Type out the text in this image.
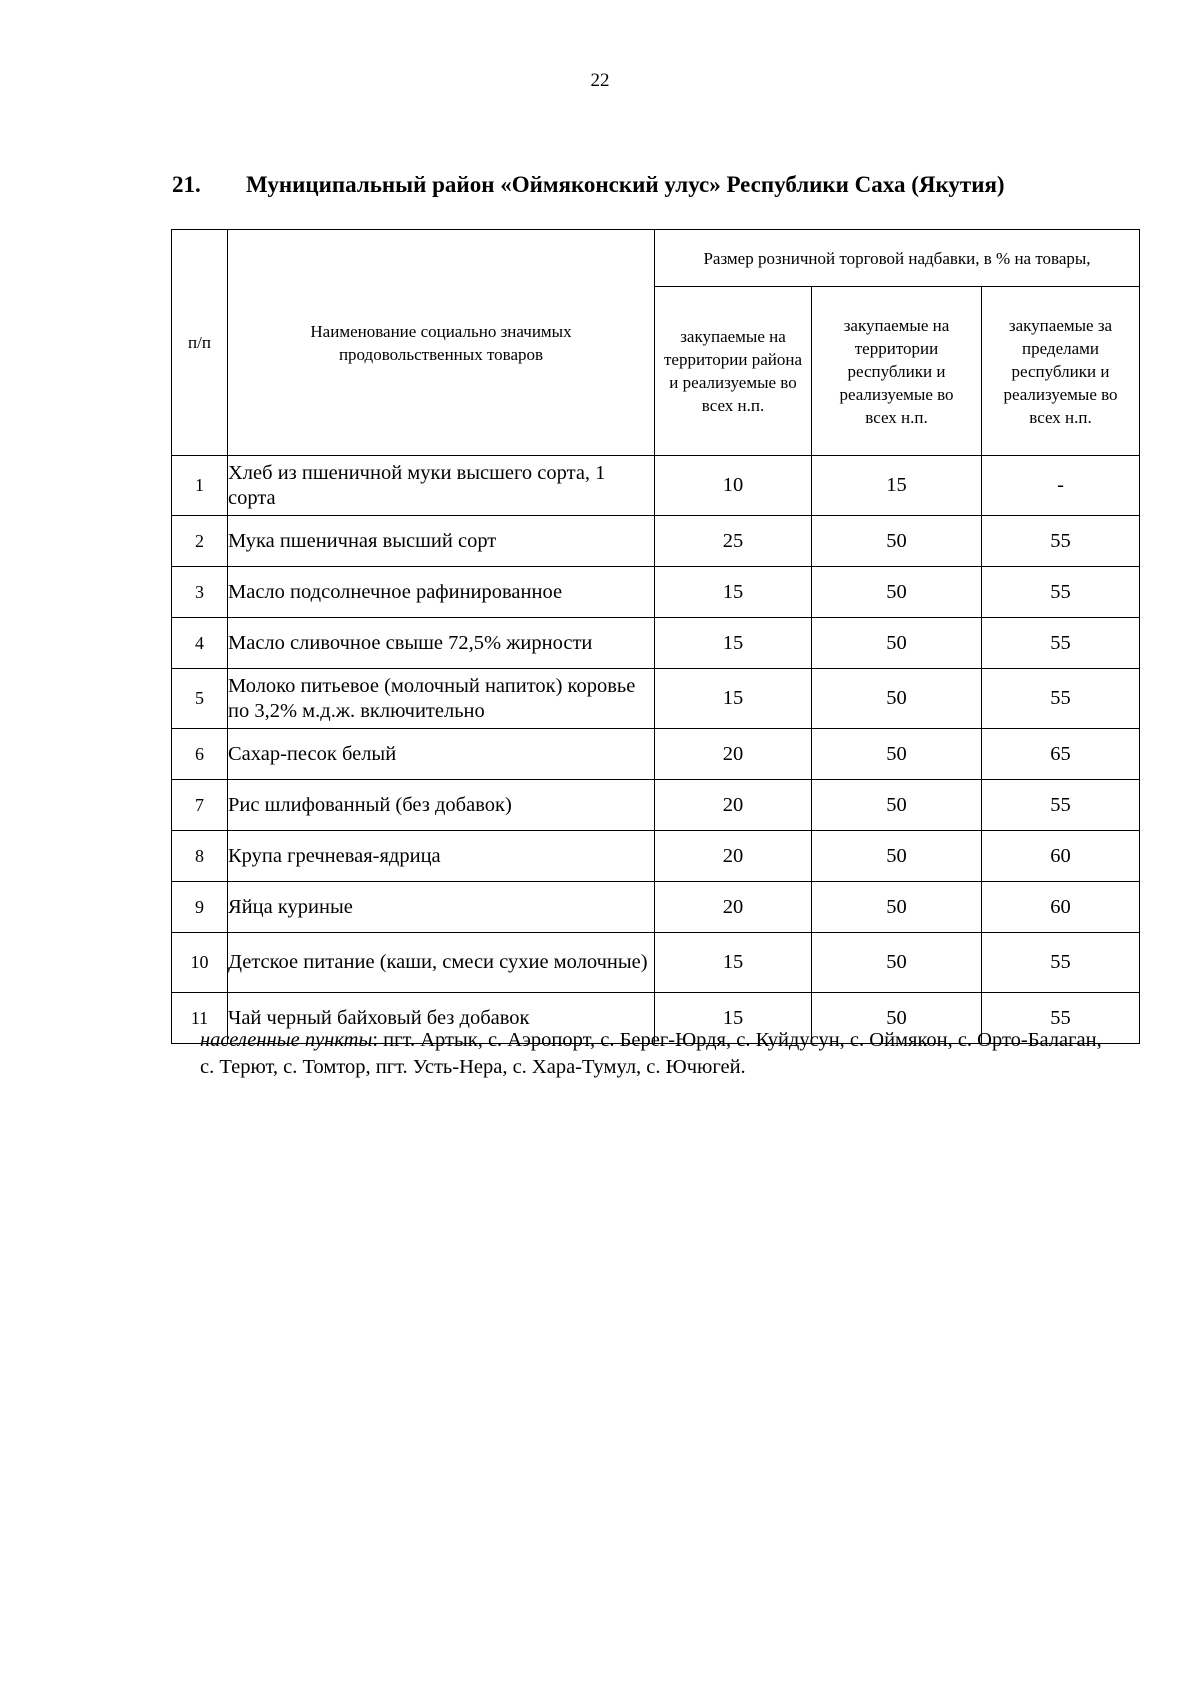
22
21. Муниципальный район «Оймяконский улус» Республики Саха (Якутия)
п/п	Наименование социально значимых продовольственных товаров	Размер розничной торговой надбавки, в % на товары,		

		закупаемые на территории района и реализуемые во всех н.п.	закупаемые на территории республики и реализуемые во всех н.п.	закупаемые за пределами республики и реализуемые во всех н.п.

1	Хлеб из пшеничной муки высшего сорта, 1 сорта	10	15	-
2	Мука пшеничная высший сорт	25	50	55
3	Масло подсолнечное рафинированное	15	50	55
4	Масло сливочное свыше 72,5% жирности	15	50	55
5	Молоко питьевое (молочный напиток) коровье по 3,2% м.д.ж. включительно	15	50	55
6	Сахар-песок белый	20	50	65
7	Рис шлифованный (без добавок)	20	50	55
8	Крупа гречневая-ядрица	20	50	60
9	Яйца куриные	20	50	60
10	Детское питание (каши, смеси сухие молочные)	15	50	55
11	Чай черный байховый без добавок	15	50	55
населенные пункты: пгт. Артык, с. Аэропорт, с. Берег-Юрдя, с. Куйдусун, с. Оймякон, с. Орто-Балаган, с. Терют, с. Томтор, пгт. Усть-Нера, с. Хара-Тумул, с. Ючюгей.
